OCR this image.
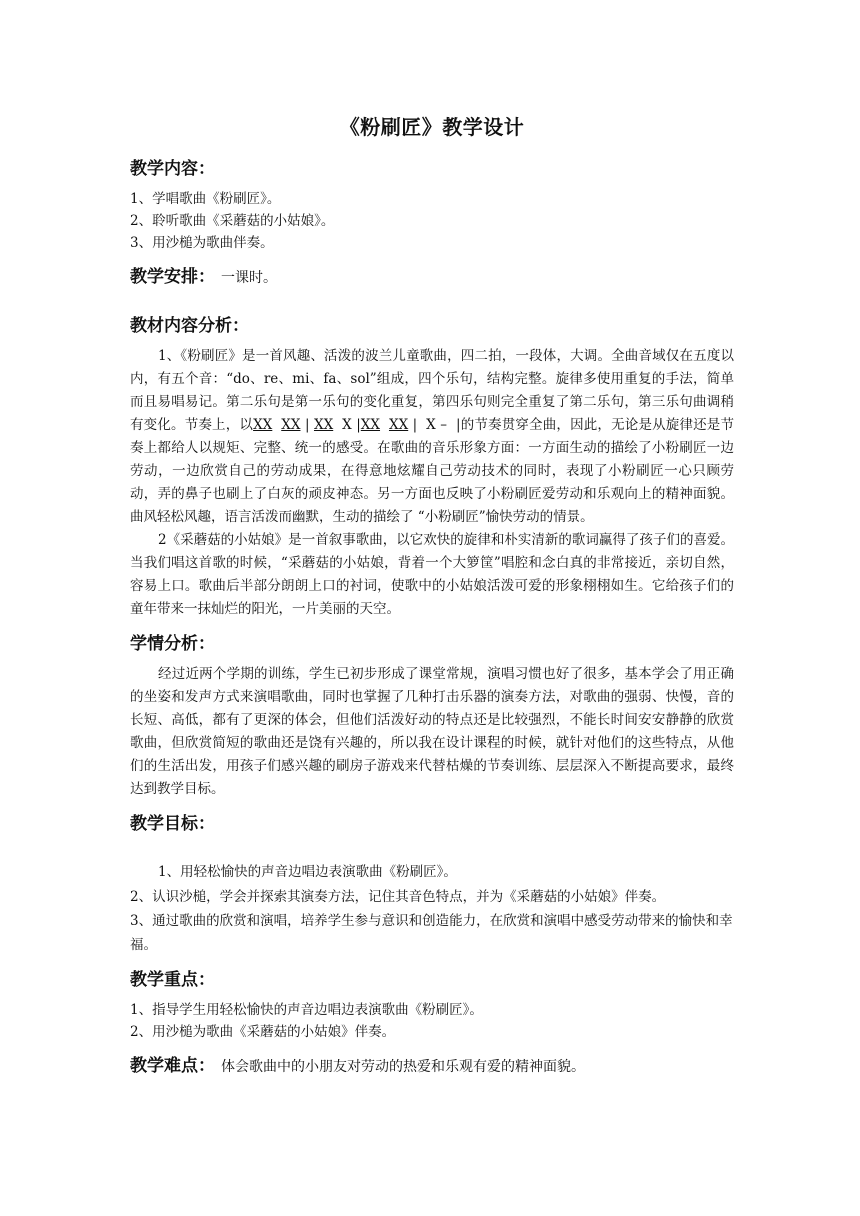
《粉刷匠》教学设计
教学内容：
1、学唱歌曲《粉刷匠》。
2、聆听歌曲《采蘑菇的小姑娘》。
3、用沙槌为歌曲伴奏。
教学安排： 一课时。
教材内容分析：

1、《粉刷匠》是一首风趣、活泼的波兰儿童歌曲，四二拍，一段体，大调。全曲音域仅在五度以内，有五个音：“do、re、mi、fa、sol”组成，四个乐句，结构完整。旋律多使用重复的手法，简单而且易唱易记。第二乐句是第一乐句的变化重复，第四乐句则完全重复了第二乐句，第三乐句曲调稍有变化。节奏上，以XX XX | XX X |XX XX | X – |的节奏贯穿全曲，因此，无论是从旋律还是节奏上都给人以规矩、完整、统一的感受。在歌曲的音乐形象方面：一方面生动的描绘了小粉刷匠一边劳动，一边欣赏自己的劳动成果，在得意地炫耀自己劳动技术的同时，表现了小粉刷匠一心只顾劳动，弄的鼻子也刷上了白灰的顽皮神态。另一方面也反映了小粉刷匠爱劳动和乐观向上的精神面貌。曲风轻松风趣，语言活泼而幽默，生动的描绘了 “小粉刷匠”愉快劳动的情景。

2《采蘑菇的小姑娘》是一首叙事歌曲，以它欢快的旋律和朴实清新的歌词赢得了孩子们的喜爱。当我们唱这首歌的时候，“采蘑菇的小姑娘，背着一个大箩筐”唱腔和念白真的非常接近，亲切自然，容易上口。歌曲后半部分朗朗上口的衬词，使歌中的小姑娘活泼可爱的形象栩栩如生。它给孩子们的童年带来一抹灿烂的阳光，一片美丽的天空。

学情分析：

经过近两个学期的训练，学生已初步形成了课堂常规，演唱习惯也好了很多，基本学会了用正确的坐姿和发声方式来演唱歌曲，同时也掌握了几种打击乐器的演奏方法，对歌曲的强弱、快慢，音的长短、高低，都有了更深的体会，但他们活泼好动的特点还是比较强烈，不能长时间安安静静的欣赏歌曲，但欣赏简短的歌曲还是饶有兴趣的，所以我在设计课程的时候，就针对他们的这些特点，从他们的生活出发，用孩子们感兴趣的刷房子游戏来代替枯燥的节奏训练、层层深入不断提高要求，最终达到教学目标。

教学目标：
1、用轻松愉快的声音边唱边表演歌曲《粉刷匠》。
2、认识沙槌，学会并探索其演奏方法，记住其音色特点，并为《采蘑菇的小姑娘》伴奏。
3、通过歌曲的欣赏和演唱，培养学生参与意识和创造能力，在欣赏和演唱中感受劳动带来的愉快和幸福。
教学重点：
1、指导学生用轻松愉快的声音边唱边表演歌曲《粉刷匠》。
2、用沙槌为歌曲《采蘑菇的小姑娘》伴奏。
教学难点： 体会歌曲中的小朋友对劳动的热爱和乐观有爱的精神面貌。
